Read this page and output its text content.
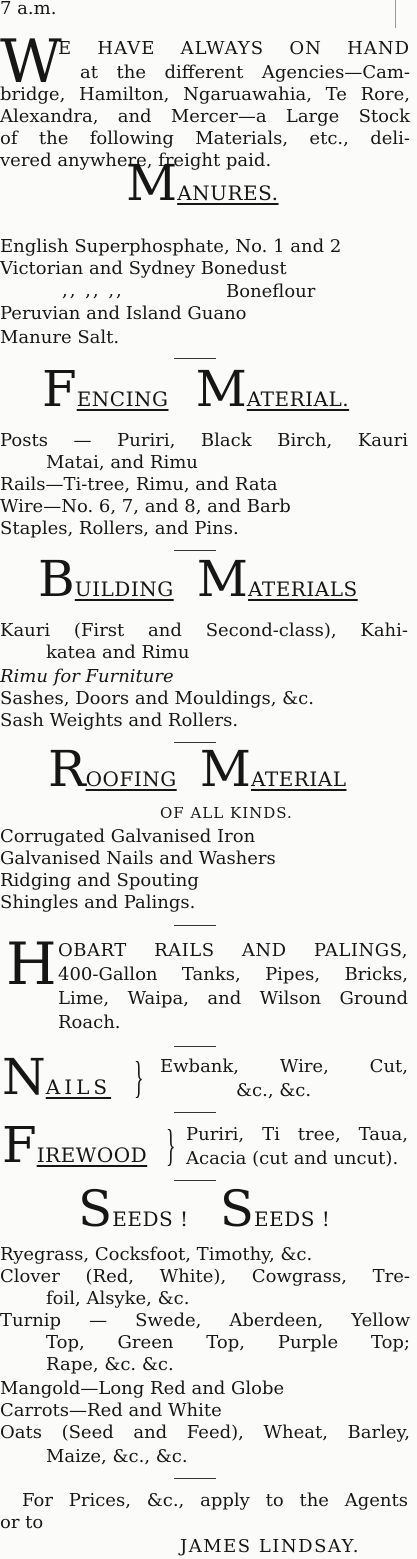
7 a.m.
W
E HAVE ALWAYS ON HAND
at the different Agencies—Cam-
bridge, Hamilton, Ngaruawahia, Te Rore,
Alexandra, and Mercer—a Large Stock
of the following Materials, etc., deli-
vered anywhere, freight paid.
MANURES.
English Superphosphate, No. 1 and 2
Victorian and Sydney Bonedust
,, ,, ,,	Boneflour
Peruvian and Island Guano
Manure Salt.
FENCING MATERIAL.
Posts — Puriri, Black Birch, Kauri
Matai, and Rimu
Rails—Ti-tree, Rimu, and Rata
Wire—No. 6, 7, and 8, and Barb
Staples, Rollers, and Pins.
BUILDING MATERIALS
Kauri (First and Second-class), Kahi-
katea and Rimu
Rimu for Furniture
Sashes, Doors and Mouldings, &c.
Sash Weights and Rollers.
ROOFING MATERIAL
OF ALL KINDS.
Corrugated Galvanised Iron
Galvanised Nails and Washers
Ridging and Spouting
Shingles and Palings.
H OBART RAILS AND PALINGS,
400-Gallon Tanks, Pipes, Bricks,
Lime, Waipa, and Wilson Ground
Roach.
NAILS } Ewbank, Wire, Cut,
&c., &c.
FIREWOOD } Puriri, Ti tree, Taua,
Acacia (cut and uncut).
SEEDS ! SEEDS !
Ryegrass, Cocksfoot, Timothy, &c.
Clover (Red, White), Cowgrass, Tre-
foil, Alsyke, &c.
Turnip — Swede, Aberdeen, Yellow
Top, Green Top, Purple Top;
Rape, &c. &c.
Mangold—Long Red and Globe
Carrots—Red and White
Oats (Seed and Feed), Wheat, Barley,
Maize, &c., &c.
For Prices, &c., apply to the Agents
or to
JAMES LINDSAY.
